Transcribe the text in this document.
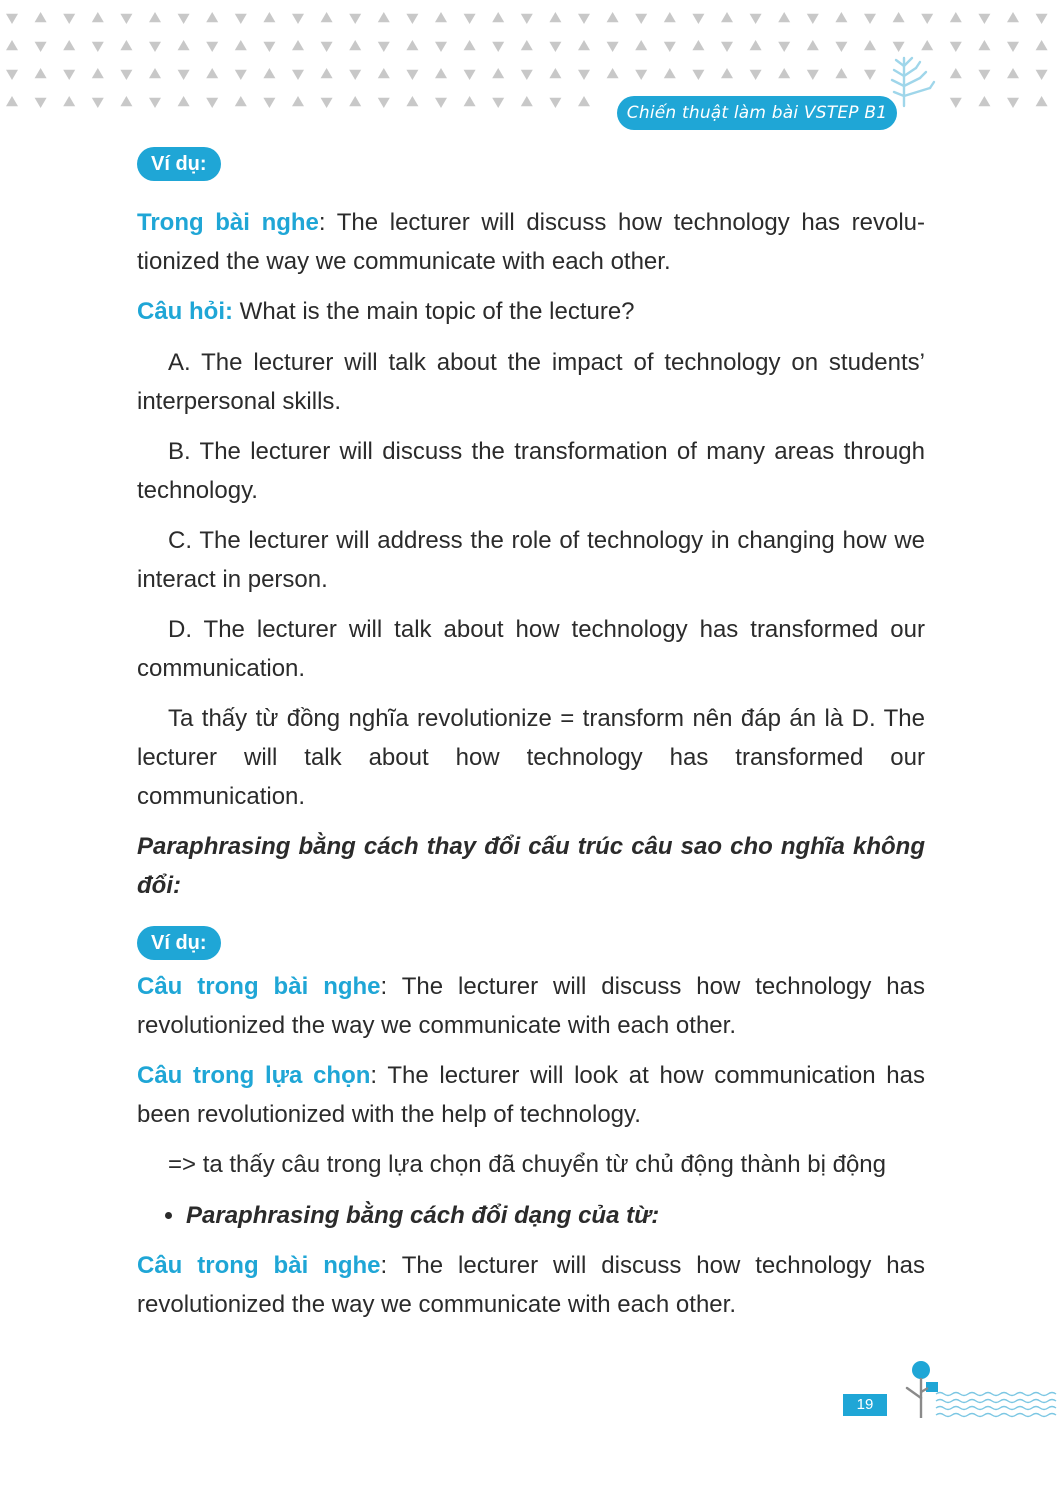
Chiến thuật làm bài VSTEP B1
Ví dụ:

Trong bài nghe: The lecturer will discuss how technology has revolu-tionized the way we communicate with each other.

Câu hỏi: What is the main topic of the lecture?

A. The lecturer will talk about the impact of technology on students’ interpersonal skills.

B. The lecturer will discuss the transformation of many areas through technology.

C. The lecturer will address the role of technology in changing how we interact in person.

D. The lecturer will talk about how technology has transformed our communication.

Ta thấy từ đồng nghĩa revolutionize = transform nên đáp án là D. The lecturer will talk about how technology has transformed our communication.

Paraphrasing bằng cách thay đổi cấu trúc câu sao cho nghĩa không đổi:

Ví dụ:

Câu trong bài nghe: The lecturer will discuss how technology has revolutionized the way we communicate with each other.

Câu trong lựa chọn: The lecturer will look at how communication has been revolutionized with the help of technology.

=> ta thấy câu trong lựa chọn đã chuyển từ chủ động thành bị động

Paraphrasing bằng cách đổi dạng của từ:

Câu trong bài nghe: The lecturer will discuss how technology has revolutionized the way we communicate with each other.

19
